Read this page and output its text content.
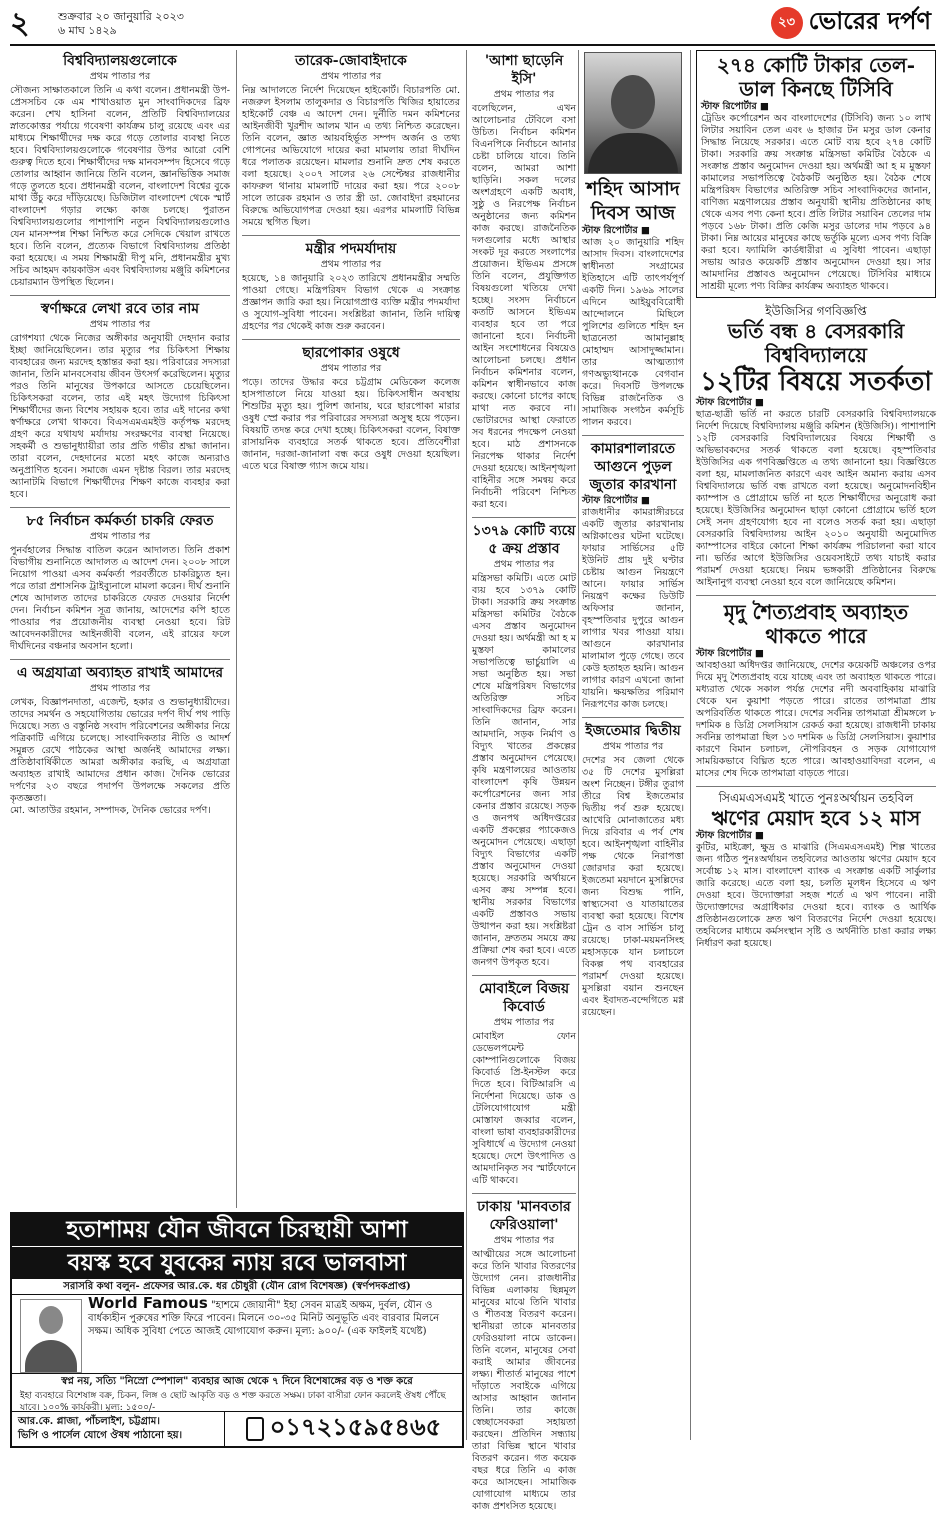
২	শুক্রবার ২০ জানুয়ারি ২০২৩
৬ মাঘ ১৪২৯
২৩ ভোরের দর্পণ
বিশ্ববিদ্যালয়গুলোকে
প্রথম পাতার পর
সৌজন্য সাক্ষাতকালে তিনি এ কথা বলেন। প্রধানমন্ত্রী উপ-প্রেসসচিব কে এম শাখাওয়াত মুন সাংবাদিকদের ব্রিফ করেন। শেখ হাসিনা বলেন, প্রতিটি বিশ্ববিদ্যালয়ের স্নাতকোত্তর পর্যায়ে গবেষণা কার্যক্রম চালু রয়েছে এবং এর মাধ্যমে শিক্ষার্থীদের দক্ষ করে গড়ে তোলার ব্যবস্থা নিতে হবে। বিশ্ববিদ্যালয়গুলোকে গবেষণার উপর আরো বেশি গুরুত্ব দিতে হবে। শিক্ষার্থীদের দক্ষ মানবসম্পদ হিসেবে গড়ে তোলার আহ্বান জানিয়ে তিনি বলেন, জ্ঞানভিত্তিক সমাজ গড়ে তুলতে হবে। প্রধানমন্ত্রী বলেন, বাংলাদেশ বিশ্বের বুকে মাথা উঁচু করে দাঁড়িয়েছে। ডিজিটাল বাংলাদেশ থেকে স্মার্ট বাংলাদেশ গড়ার লক্ষ্যে কাজ চলছে। পুরাতন বিশ্ববিদ্যালয়গুলোর পাশাপাশি নতুন বিশ্ববিদ্যালয়গুলোও যেন মানসম্পন্ন শিক্ষা নিশ্চিত করে সেদিকে খেয়াল রাখতে হবে। তিনি বলেন, প্রত্যেক বিভাগে বিশ্ববিদ্যালয় প্রতিষ্ঠা করা হয়েছে। এ সময় শিক্ষামন্ত্রী দীপু মনি, প্রধানমন্ত্রীর মুখ্য সচিব আহমদ কায়কাউস এবং বিশ্ববিদ্যালয় মঞ্জুরি কমিশনের চেয়ারম্যান উপস্থিত ছিলেন।
স্বর্ণাক্ষরে লেখা রবে তার নাম
প্রথম পাতার পর
রোগশয্যা থেকে নিজের অঙ্গীকার অনুযায়ী দেহদান করার ইচ্ছা জানিয়েছিলেন। তার মৃত্যুর পর চিকিৎসা শিক্ষায় ব্যবহারের জন্য মরদেহ হস্তান্তর করা হয়। পরিবারের সদস্যরা জানান, তিনি মানবসেবায় জীবন উৎসর্গ করেছিলেন। মৃত্যুর পরও তিনি মানুষের উপকারে আসতে চেয়েছিলেন। চিকিৎসকরা বলেন, তার এই মহৎ উদ্যোগ চিকিৎসা শিক্ষার্থীদের জন্য বিশেষ সহায়ক হবে। তার এই দানের কথা স্বর্ণাক্ষরে লেখা থাকবে। বিএসএমএমইউ কর্তৃপক্ষ মরদেহ গ্রহণ করে যথাযথ মর্যাদায় সংরক্ষণের ব্যবস্থা নিয়েছে। সহকর্মী ও শুভানুধ্যায়ীরা তার প্রতি গভীর শ্রদ্ধা জানান। তারা বলেন, দেহদানের মতো মহৎ কাজে অন্যরাও অনুপ্রাণিত হবেন। সমাজে এমন দৃষ্টান্ত বিরল। তার মরদেহ অ্যানাটমি বিভাগে শিক্ষার্থীদের শিক্ষণ কাজে ব্যবহার করা হবে।
৮৫ নির্বাচন কর্মকর্তা চাকরি ফেরত
প্রথম পাতার পর
পুনর্বহালের সিদ্ধান্ত বাতিল করেন আদালত। তিনি প্রকাশ বিভাগীয় শুনানিতে আদালত এ আদেশ দেন। ২০০৮ সালে নিয়োগ পাওয়া এসব কর্মকর্তা পরবর্তীতে চাকরিচ্যুত হন। পরে তারা প্রশাসনিক ট্রাইব্যুনালে মামলা করেন। দীর্ঘ শুনানি শেষে আদালত তাদের চাকরিতে ফেরত দেওয়ার নির্দেশ দেন। নির্বাচন কমিশন সূত্র জানায়, আদেশের কপি হাতে পাওয়ার পর প্রয়োজনীয় ব্যবস্থা নেওয়া হবে। রিট আবেদনকারীদের আইনজীবী বলেন, এই রায়ের ফলে দীর্ঘদিনের বঞ্চনার অবসান হলো।
এ অগ্রযাত্রা অব্যাহত রাখাই আমাদের
প্রথম পাতার পর
লেখক, বিজ্ঞাপনদাতা, এজেন্ট, হকার ও শুভানুধ্যায়ীদের। তাদের সমর্থন ও সহযোগিতায় ভোরের দর্পণ দীর্ঘ পথ পাড়ি দিয়েছে। সত্য ও বস্তুনিষ্ঠ সংবাদ পরিবেশনের অঙ্গীকার নিয়ে পত্রিকাটি এগিয়ে চলেছে। সাংবাদিকতার নীতি ও আদর্শ সমুন্নত রেখে পাঠকের আস্থা অর্জনই আমাদের লক্ষ্য। প্রতিষ্ঠাবার্ষিকীতে আমরা অঙ্গীকার করছি, এ অগ্রযাত্রা অব্যাহত রাখাই আমাদের প্রধান কাজ। দৈনিক ভোরের দর্পণের ২৩ বছরে পদার্পণ উপলক্ষে সকলের প্রতি কৃতজ্ঞতা।
মো. আতাউর রহমান, সম্পাদক, দৈনিক ভোরের দর্পণ।
তারেক-জোবাইদাকে
প্রথম পাতার পর
নিম্ন আদালতে নির্দেশ দিয়েছেন হাইকোর্ট। বিচারপতি মো. নজরুল ইসলাম তালুকদার ও বিচারপতি খিজির হায়াতের হাইকোর্ট বেঞ্চ এ আদেশ দেন। দুর্নীতি দমন কমিশনের আইনজীবী খুরশীদ আলম খান এ তথ্য নিশ্চিত করেছেন। তিনি বলেন, জ্ঞাত আয়বহির্ভূত সম্পদ অর্জন ও তথ্য গোপনের অভিযোগে দায়ের করা মামলায় তারা দীর্ঘদিন ধরে পলাতক রয়েছেন। মামলার শুনানি দ্রুত শেষ করতে বলা হয়েছে। ২০০৭ সালের ২৬ সেপ্টেম্বর রাজধানীর কাফরুল থানায় মামলাটি দায়ের করা হয়। পরে ২০০৮ সালে তারেক রহমান ও তার স্ত্রী ডা. জোবাইদা রহমানের বিরুদ্ধে অভিযোগপত্র দেওয়া হয়। এরপর মামলাটি বিভিন্ন সময়ে স্থগিত ছিল।
মন্ত্রীর পদমর্যাদায়
প্রথম পাতার পর
হয়েছে, ১৪ জানুয়ারি ২০২৩ তারিখে প্রধানমন্ত্রীর সম্মতি পাওয়া গেছে। মন্ত্রিপরিষদ বিভাগ থেকে এ সংক্রান্ত প্রজ্ঞাপন জারি করা হয়। নিয়োগপ্রাপ্ত ব্যক্তি মন্ত্রীর পদমর্যাদা ও সুযোগ-সুবিধা পাবেন। সংশ্লিষ্টরা জানান, তিনি দায়িত্ব গ্রহণের পর থেকেই কাজ শুরু করবেন।
ছারপোকার ওষুধে
প্রথম পাতার পর
পড়ে। তাদের উদ্ধার করে চট্টগ্রাম মেডিকেল কলেজ হাসপাতালে নিয়ে যাওয়া হয়। চিকিৎসাধীন অবস্থায় শিশুটির মৃত্যু হয়। পুলিশ জানায়, ঘরে ছারপোকা মারার ওষুধ স্প্রে করার পর পরিবারের সদস্যরা অসুস্থ হয়ে পড়েন। বিষয়টি তদন্ত করে দেখা হচ্ছে। চিকিৎসকরা বলেন, বিষাক্ত রাসায়নিক ব্যবহারে সতর্ক থাকতে হবে। প্রতিবেশীরা জানান, দরজা-জানালা বন্ধ করে ওষুধ দেওয়া হয়েছিল। এতে ঘরে বিষাক্ত গ্যাস জমে যায়।
'আশা ছাড়েনি ইসি'
প্রথম পাতার পর
বলেছিলেন, এখন আলোচনার টেবিলে বসা উচিত। নির্বাচন কমিশন বিএনপিকে নির্বাচনে আনার চেষ্টা চালিয়ে যাবে। তিনি বলেন, আমরা আশা ছাড়িনি। সকল দলের অংশগ্রহণে একটি অবাধ, সুষ্ঠু ও নিরপেক্ষ নির্বাচন অনুষ্ঠানের জন্য কমিশন কাজ করছে। রাজনৈতিক দলগুলোর মধ্যে আস্থার সংকট দূর করতে সংলাপের প্রয়োজন। ইভিএম প্রসঙ্গে তিনি বলেন, প্রযুক্তিগত বিষয়গুলো খতিয়ে দেখা হচ্ছে। সংসদ নির্বাচনে কতটি আসনে ইভিএম ব্যবহার হবে তা পরে জানানো হবে। নির্বাচনী আইন সংশোধনের বিষয়েও আলোচনা চলছে। প্রধান নির্বাচন কমিশনার বলেন, কমিশন স্বাধীনভাবে কাজ করছে। কোনো চাপের কাছে মাথা নত করবে না। ভোটারদের আস্থা ফেরাতে সব ধরনের পদক্ষেপ নেওয়া হবে। মাঠ প্রশাসনকে নিরপেক্ষ থাকার নির্দেশ দেওয়া হয়েছে। আইনশৃঙ্খলা বাহিনীর সঙ্গে সমন্বয় করে নির্বাচনী পরিবেশ নিশ্চিত করা হবে।
১৩৭৯ কোটি ব্যয়ে ৫ ক্রয় প্রস্তাব
প্রথম পাতার পর
মন্ত্রিসভা কমিটি। এতে মোট ব্যয় হবে ১৩৭৯ কোটি টাকা। সরকারি ক্রয় সংক্রান্ত মন্ত্রিসভা কমিটির বৈঠকে এসব প্রস্তাব অনুমোদন দেওয়া হয়। অর্থমন্ত্রী আ হ ম মুস্তফা কামালের সভাপতিত্বে ভার্চুয়ালি এ সভা অনুষ্ঠিত হয়। সভা শেষে মন্ত্রিপরিষদ বিভাগের অতিরিক্ত সচিব সাংবাদিকদের ব্রিফ করেন। তিনি জানান, সার আমদানি, সড়ক নির্মাণ ও বিদ্যুৎ খাতের প্রকল্পের প্রস্তাব অনুমোদন পেয়েছে। কৃষি মন্ত্রণালয়ের আওতায় বাংলাদেশ কৃষি উন্নয়ন কর্পোরেশনের জন্য সার কেনার প্রস্তাব রয়েছে। সড়ক ও জনপথ অধিদপ্তরের একটি প্রকল্পের প্যাকেজও অনুমোদন পেয়েছে। এছাড়া বিদ্যুৎ বিভাগের একটি প্রস্তাব অনুমোদন দেওয়া হয়েছে। সরকারি অর্থায়নে এসব ক্রয় সম্পন্ন হবে। স্থানীয় সরকার বিভাগের একটি প্রস্তাবও সভায় উত্থাপন করা হয়। সংশ্লিষ্টরা জানান, দ্রুততম সময়ে ক্রয় প্রক্রিয়া শেষ করা হবে। এতে জনগণ উপকৃত হবে।
মোবাইলে বিজয় কিবোর্ড
প্রথম পাতার পর
মোবাইল ফোন ডেভেলপমেন্ট কোম্পানিগুলোকে বিজয় কিবোর্ড প্রি-ইনস্টল করে দিতে হবে। বিটিআরসি এ নির্দেশনা দিয়েছে। ডাক ও টেলিযোগাযোগ মন্ত্রী মোস্তাফা জব্বার বলেন, বাংলা ভাষা ব্যবহারকারীদের সুবিধার্থে এ উদ্যোগ নেওয়া হয়েছে। দেশে উৎপাদিত ও আমদানিকৃত সব স্মার্টফোনে এটি থাকবে।
ঢাকায় 'মানবতার ফেরিওয়ালা'
প্রথম পাতার পর
আত্মীয়ের সঙ্গে আলোচনা করে তিনি খাবার বিতরণের উদ্যোগ নেন। রাজধানীর বিভিন্ন এলাকায় ছিন্নমূল মানুষের মাঝে তিনি খাবার ও শীতবস্ত্র বিতরণ করেন। স্থানীয়রা তাকে মানবতার ফেরিওয়ালা নামে ডাকেন। তিনি বলেন, মানুষের সেবা করাই আমার জীবনের লক্ষ্য। শীতার্ত মানুষের পাশে দাঁড়াতে সবাইকে এগিয়ে আসার আহ্বান জানান তিনি। তার কাজে স্বেচ্ছাসেবকরা সহায়তা করছেন। প্রতিদিন সন্ধ্যায় তারা বিভিন্ন স্থানে খাবার বিতরণ করেন। গত কয়েক বছর ধরে তিনি এ কাজ করে আসছেন। সামাজিক যোগাযোগ মাধ্যমে তার কাজ প্রশংসিত হয়েছে।
২৭৪ কোটি টাকার তেল-ডাল কিনছে টিসিবি
স্টাফ রিপোর্টার ■
ট্রেডিং কর্পোরেশন অব বাংলাদেশের (টিসিবি) জন্য ১০ লাখ লিটার সয়াবিন তেল এবং ৬ হাজার টন মসুর ডাল কেনার সিদ্ধান্ত নিয়েছে সরকার। এতে মোট ব্যয় হবে ২৭৪ কোটি টাকা। সরকারি ক্রয় সংক্রান্ত মন্ত্রিসভা কমিটির বৈঠকে এ সংক্রান্ত প্রস্তাব অনুমোদন দেওয়া হয়। অর্থমন্ত্রী আ হ ম মুস্তফা কামালের সভাপতিত্বে বৈঠকটি অনুষ্ঠিত হয়। বৈঠক শেষে মন্ত্রিপরিষদ বিভাগের অতিরিক্ত সচিব সাংবাদিকদের জানান, বাণিজ্য মন্ত্রণালয়ের প্রস্তাব অনুযায়ী স্থানীয় প্রতিষ্ঠানের কাছ থেকে এসব পণ্য কেনা হবে। প্রতি লিটার সয়াবিন তেলের দাম পড়বে ১৬৮ টাকা। প্রতি কেজি মসুর ডালের দাম পড়বে ৯৪ টাকা। নিম্ন আয়ের মানুষের কাছে ভর্তুকি মূল্যে এসব পণ্য বিক্রি করা হবে। ফ্যামিলি কার্ডধারীরা এ সুবিধা পাবেন। এছাড়া সভায় আরও কয়েকটি প্রস্তাব অনুমোদন দেওয়া হয়। সার আমদানির প্রস্তাবও অনুমোদন পেয়েছে। টিসিবির মাধ্যমে সাশ্রয়ী মূল্যে পণ্য বিক্রির কার্যক্রম অব্যাহত থাকবে।
ইউজিসির গণবিজ্ঞপ্তি
ভর্তি বন্ধ ৪ বেসরকারি বিশ্ববিদ্যালয়ে
১২টির বিষয়ে সতর্কতা
স্টাফ রিপোর্টার ■
ছাত্র-ছাত্রী ভর্তি না করতে চারটি বেসরকারি বিশ্ববিদ্যালয়কে নির্দেশ দিয়েছে বিশ্ববিদ্যালয় মঞ্জুরি কমিশন (ইউজিসি)। পাশাপাশি ১২টি বেসরকারি বিশ্ববিদ্যালয়ের বিষয়ে শিক্ষার্থী ও অভিভাবকদের সতর্ক থাকতে বলা হয়েছে। বৃহস্পতিবার ইউজিসির এক গণবিজ্ঞপ্তিতে এ তথ্য জানানো হয়। বিজ্ঞপ্তিতে বলা হয়, মামলাজনিত কারণে এবং আইন অমান্য করায় এসব বিশ্ববিদ্যালয়ে ভর্তি বন্ধ রাখতে বলা হয়েছে। অনুমোদনবিহীন ক্যাম্পাস ও প্রোগ্রামে ভর্তি না হতে শিক্ষার্থীদের অনুরোধ করা হয়েছে। ইউজিসির অনুমোদন ছাড়া কোনো প্রোগ্রামে ভর্তি হলে সেই সনদ গ্রহণযোগ্য হবে না বলেও সতর্ক করা হয়। এছাড়া বেসরকারি বিশ্ববিদ্যালয় আইন ২০১০ অনুযায়ী অনুমোদিত ক্যাম্পাসের বাইরে কোনো শিক্ষা কার্যক্রম পরিচালনা করা যাবে না। ভর্তির আগে ইউজিসির ওয়েবসাইটে তথ্য যাচাই করার পরামর্শ দেওয়া হয়েছে। নিয়ম ভঙ্গকারী প্রতিষ্ঠানের বিরুদ্ধে আইনানুগ ব্যবস্থা নেওয়া হবে বলে জানিয়েছে কমিশন।
মৃদু শৈত্যপ্রবাহ অব্যাহত থাকতে পারে
স্টাফ রিপোর্টার ■
আবহাওয়া অধিদপ্তর জানিয়েছে, দেশের কয়েকটি অঞ্চলের ওপর দিয়ে মৃদু শৈত্যপ্রবাহ বয়ে যাচ্ছে এবং তা অব্যাহত থাকতে পারে। মধ্যরাত থেকে সকাল পর্যন্ত দেশের নদী অববাহিকায় মাঝারি থেকে ঘন কুয়াশা পড়তে পারে। রাতের তাপমাত্রা প্রায় অপরিবর্তিত থাকতে পারে। দেশের সর্বনিম্ন তাপমাত্রা শ্রীমঙ্গলে ৮ দশমিক ৪ ডিগ্রি সেলসিয়াস রেকর্ড করা হয়েছে। রাজধানী ঢাকায় সর্বনিম্ন তাপমাত্রা ছিল ১৩ দশমিক ৬ ডিগ্রি সেলসিয়াস। কুয়াশার কারণে বিমান চলাচল, নৌপরিবহন ও সড়ক যোগাযোগ সাময়িকভাবে বিঘ্নিত হতে পারে। আবহাওয়াবিদরা বলেন, এ মাসের শেষ দিকে তাপমাত্রা বাড়তে পারে।
সিএমএসএমই খাতে পুনঃঅর্থায়ন তহবিল
ঋণের মেয়াদ হবে ১২ মাস
স্টাফ রিপোর্টার ■
কুটির, মাইক্রো, ক্ষুদ্র ও মাঝারি (সিএমএসএমই) শিল্প খাতের জন্য গঠিত পুনঃঅর্থায়ন তহবিলের আওতায় ঋণের মেয়াদ হবে সর্বোচ্চ ১২ মাস। বাংলাদেশ ব্যাংক এ সংক্রান্ত একটি সার্কুলার জারি করেছে। এতে বলা হয়, চলতি মূলধন হিসেবে এ ঋণ দেওয়া হবে। উদ্যোক্তারা সহজ শর্তে এ ঋণ পাবেন। নারী উদ্যোক্তাদের অগ্রাধিকার দেওয়া হবে। ব্যাংক ও আর্থিক প্রতিষ্ঠানগুলোকে দ্রুত ঋণ বিতরণের নির্দেশ দেওয়া হয়েছে। তহবিলের মাধ্যমে কর্মসংস্থান সৃষ্টি ও অর্থনীতি চাঙা করার লক্ষ্য নির্ধারণ করা হয়েছে।
হতাশাময় যৌন জীবনে চিরস্থায়ী আশা
বয়স্ক হবে যুবকের ন্যায় রবে ভালবাসা
সরাসরি কথা বলুন- প্রফেসর আর.কে. ধর চৌধুরী (যৌন রোগ বিশেষজ্ঞ) (স্বর্ণপদকপ্রাপ্ত)
World Famous "হাশমে জোয়ানী" ইহা সেবন মাত্রই অক্ষম, দুর্বল, যৌন ও বার্ধক্যহীন পুরুষের শক্তি ফিরে পাবেন। মিলনে ৩০-৩৫ মিনিট অনুভূতি এবং বারবার মিলনে সক্ষম। অধিক সুবিধা পেতে আজই যোগাযোগ করুন। মূল্য: ৯০০/- (এক ফাইলই যথেষ্ট)
স্বপ্ন নয়, সত্যি "নিস্রো স্পেশাল" ব্যবহার আজ থেকে ৭ দিনে বিশেষাঙ্গের বড় ও শক্ত করে
ইহা ব্যবহারে বিশেষাঙ্গ বক্র, চিকন, লিঙ্গ ও ছোট আকৃতি বড় ও শক্ত করতে সক্ষম। ঢাকা বাসীরা ফোন করলেই ঔষধ পৌঁছে যাবে। ১০০% কার্যকরী। মূল্য: ১৫০০/-
আর.কে. প্লাজা, পাঁচলাইশ, চট্টগ্রাম।
ভিপি ও পার্সেল যোগে ঔষধ পাঠানো হয়।	০১৭২১৫৯৫৪৬৫
শহিদ আসাদ
দিবস আজ
স্টাফ রিপোর্টার ■
আজ ২০ জানুয়ারি শহিদ আসাদ দিবস। বাংলাদেশের স্বাধীনতা সংগ্রামের ইতিহাসে এটি তাৎপর্যপূর্ণ একটি দিন। ১৯৬৯ সালের এদিনে আইয়ুববিরোধী আন্দোলনে মিছিলে পুলিশের গুলিতে শহিদ হন ছাত্রনেতা আমানুল্লাহ মোহাম্মদ আসাদুজ্জামান। তার আত্মত্যাগ গণঅভ্যুত্থানকে বেগবান করে। দিবসটি উপলক্ষে বিভিন্ন রাজনৈতিক ও সামাজিক সংগঠন কর্মসূচি পালন করবে।
কামারশালারতে আগুনে পুড়ল জুতার কারখানা
স্টাফ রিপোর্টার ■
রাজধানীর কামরাঙ্গীরচরে একটি জুতার কারখানায় অগ্নিকাণ্ডের ঘটনা ঘটেছে। ফায়ার সার্ভিসের ৫টি ইউনিট প্রায় দুই ঘণ্টার চেষ্টায় আগুন নিয়ন্ত্রণে আনে। ফায়ার সার্ভিস নিয়ন্ত্রণ কক্ষের ডিউটি অফিসার জানান, বৃহস্পতিবার দুপুরে আগুন লাগার খবর পাওয়া যায়। আগুনে কারখানার মালামাল পুড়ে গেছে। তবে কেউ হতাহত হয়নি। আগুন লাগার কারণ এখনো জানা যায়নি। ক্ষয়ক্ষতির পরিমাণ নিরূপণের কাজ চলছে।
ইজতেমার দ্বিতীয়
প্রথম পাতার পর
দেশের সব জেলা থেকে ৩৫ টি দেশের মুসল্লিরা অংশ নিচ্ছেন। টঙ্গীর তুরাগ তীরে বিশ্ব ইজতেমার দ্বিতীয় পর্ব শুরু হয়েছে। আখেরি মোনাজাতের মধ্য দিয়ে রবিবার এ পর্ব শেষ হবে। আইনশৃঙ্খলা বাহিনীর পক্ষ থেকে নিরাপত্তা জোরদার করা হয়েছে। ইজতেমা ময়দানে মুসল্লিদের জন্য বিশুদ্ধ পানি, স্বাস্থ্যসেবা ও যাতায়াতের ব্যবস্থা করা হয়েছে। বিশেষ ট্রেন ও বাস সার্ভিস চালু রয়েছে। ঢাকা-ময়মনসিংহ মহাসড়কে যান চলাচলে বিকল্প পথ ব্যবহারের পরামর্শ দেওয়া হয়েছে। মুসল্লিরা বয়ান শুনছেন এবং ইবাদত-বন্দেগিতে মগ্ন রয়েছেন।
